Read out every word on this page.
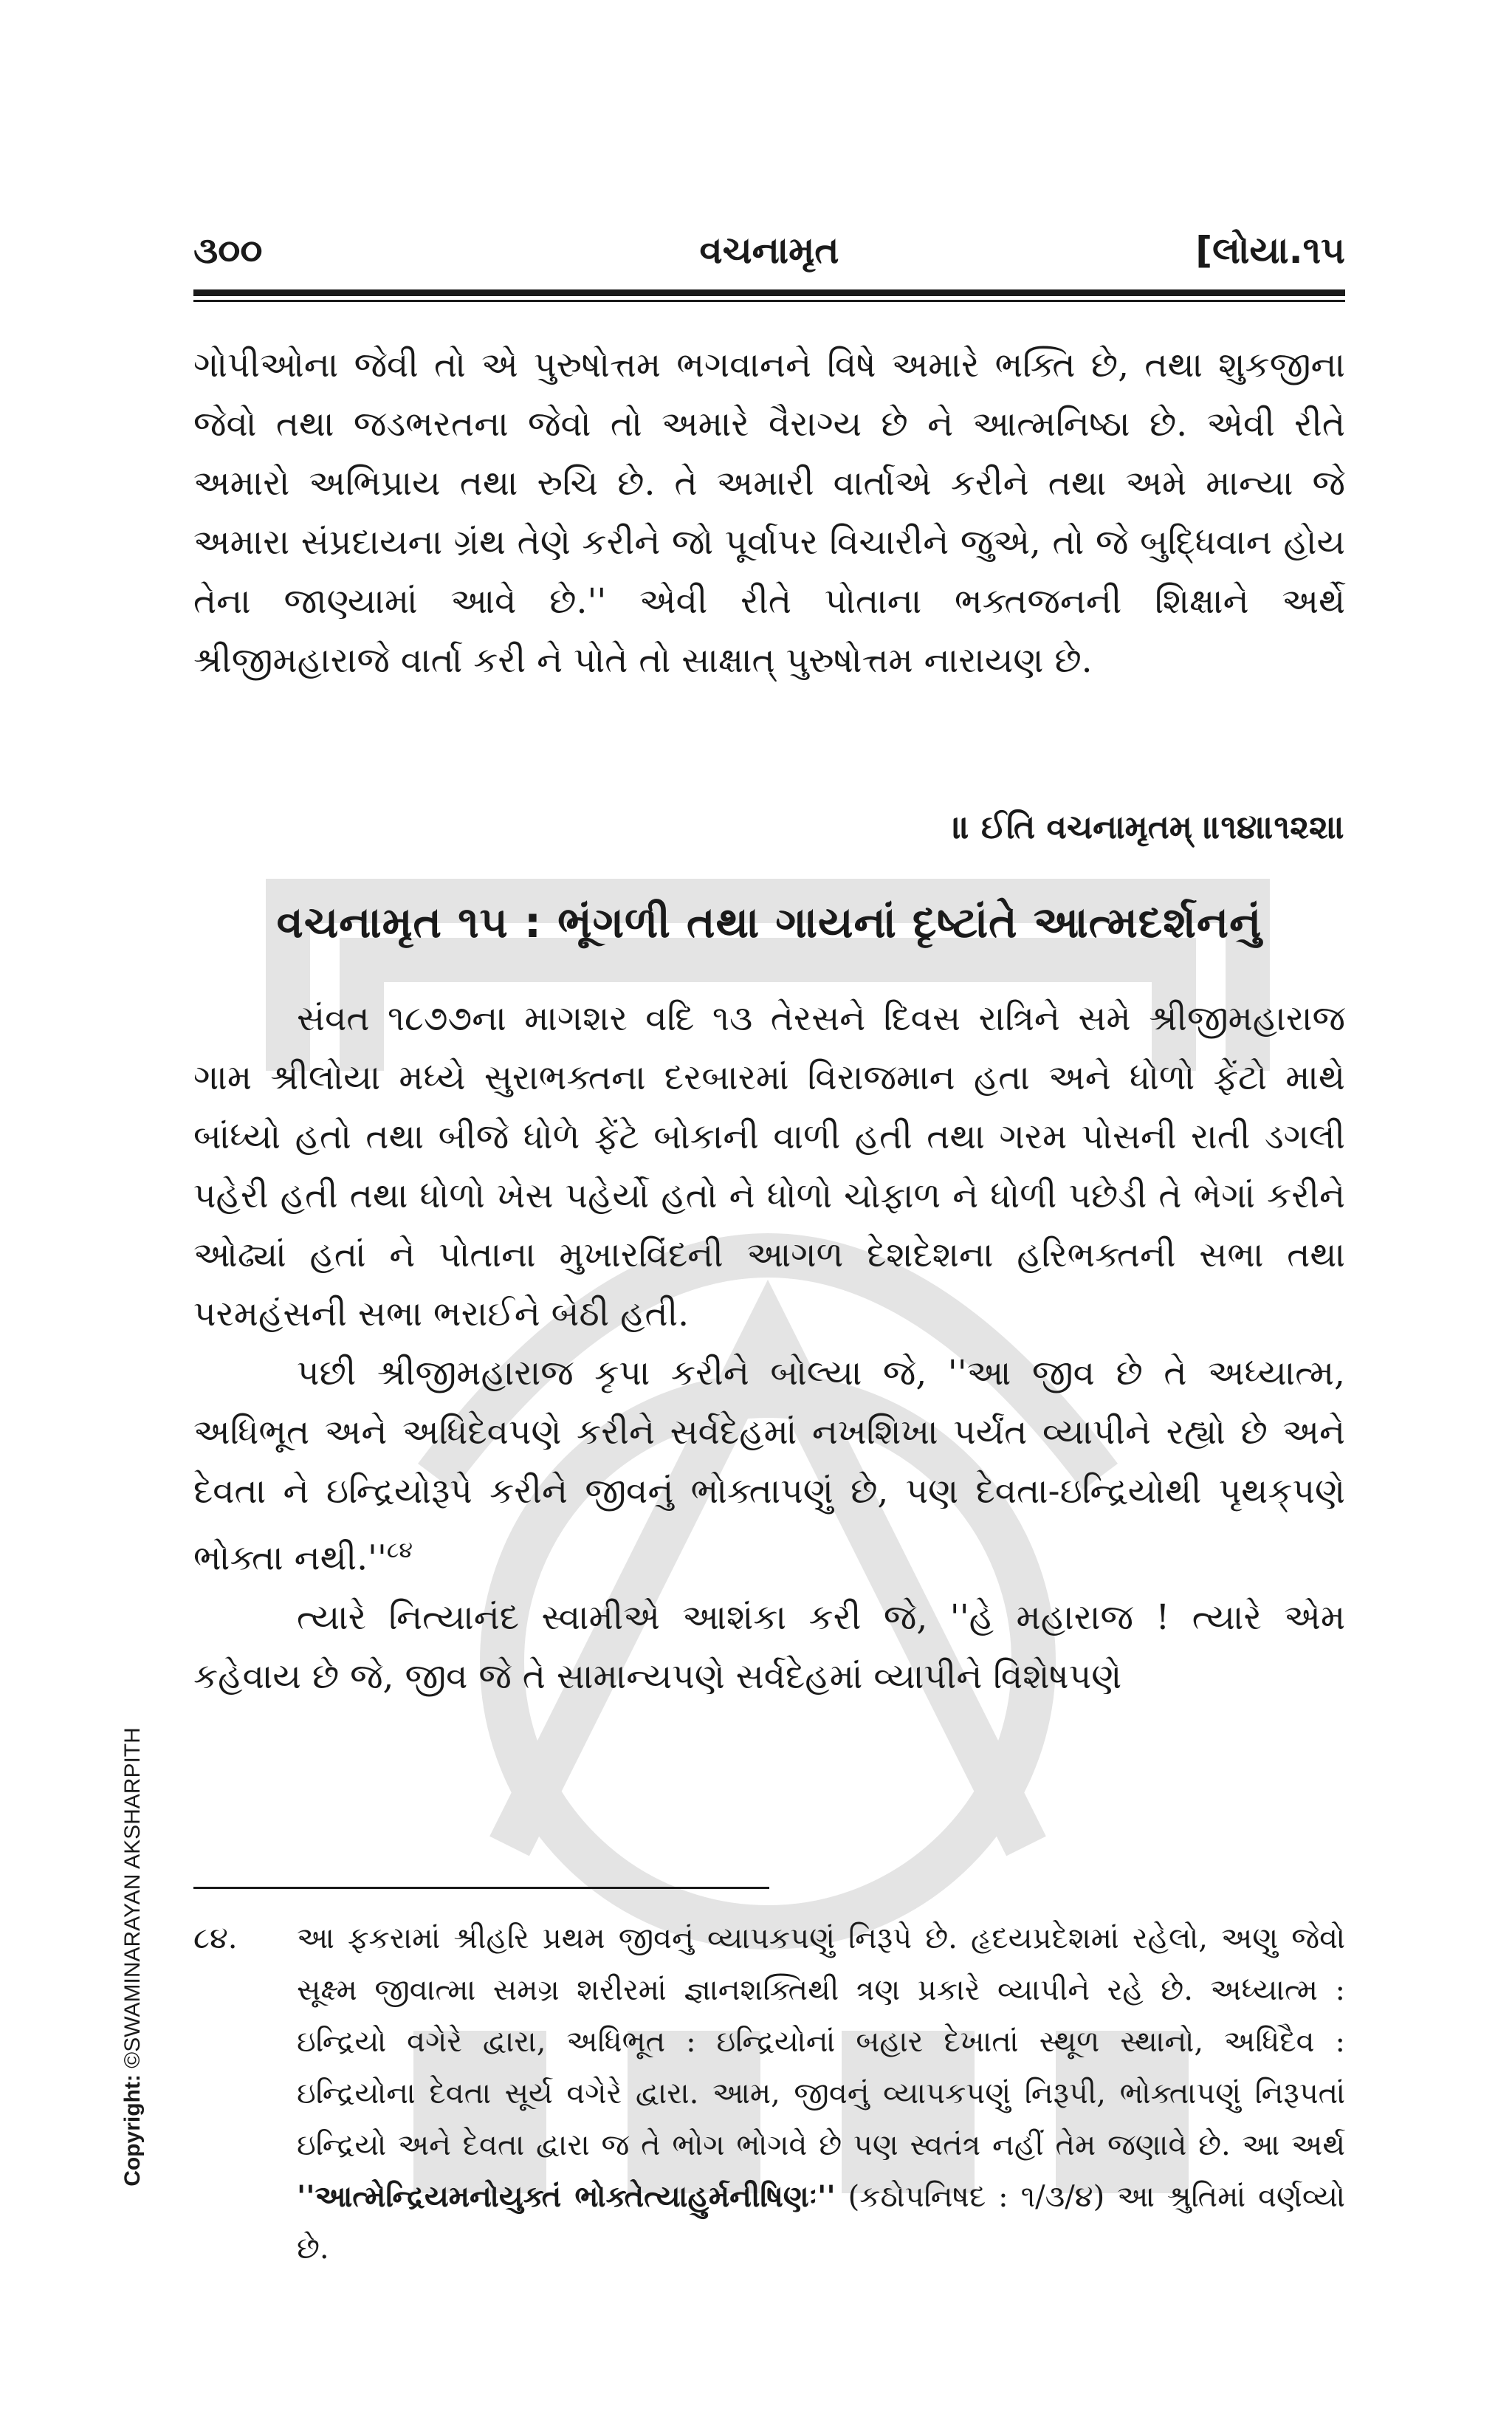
૩૦૦	વચનામૃત	[લોયા.૧૫
ગોપીઓના જેવી તો એ પુરુષોત્તમ ભગવાનને વિષે અમારે ભક્તિ છે, તથા શુકજીના જેવો તથા જડભરતના જેવો તો અમારે વૈરાગ્ય છે ને આત્મનિષ્ઠા છે. એવી રીતે અમારો અભિપ્રાય તથા રુચિ છે. તે અમારી વાર્તાએ કરીને તથા અમે માન્યા જે અમારા સંપ્રદાયના ગ્રંથ તેણે કરીને જો પૂર્વાપર વિચારીને જુએ, તો જે બુદ્ધિવાન હોય તેના જાણ્યામાં આવે છે.'' એવી રીતે પોતાના ભક્તજનની શિક્ષાને અર્થે શ્રીજીમહારાજે વાર્તા કરી ને પોતે તો સાક્ષાત્ પુરુષોત્તમ નારાયણ છે.
॥ ઈતિ વચનામૃતમ્ ॥૧૪॥૧૨૨॥
વચનામૃત ૧૫ : ભૂંગળી તથા ગાયનાં દૃષ્ટાંતે આત્મદર્શનનું
સંવત ૧૮૭૭ના માગશર વદિ ૧૩ તેરસને દિવસ રાત્રિને સમે શ્રીજીમહારાજ ગામ શ્રીલોયા મધ્યે સુરાભક્તના દરબારમાં વિરાજમાન હતા અને ધોળો ફેંટો માથે બાંધ્યો હતો તથા બીજે ધોળે ફેંટે બોકાની વાળી હતી તથા ગરમ પોસની રાતી ડગલી પહેરી હતી તથા ધોળો ખેસ પહેર્યો હતો ને ધોળો ચોફાળ ને ધોળી પછેડી તે ભેગાં કરીને ઓઢ્યાં હતાં ને પોતાના મુખારવિંદની આગળ દેશદેશના હરિભક્તની સભા તથા પરમહંસની સભા ભરાઈને બેઠી હતી.
પછી શ્રીજીમહારાજ કૃપા કરીને બોલ્યા જે, ''આ જીવ છે તે અધ્યાત્મ, અધિભૂત અને અધિદેવપણે કરીને સર્વદેહમાં નખશિખા પર્યંત વ્યાપીને રહ્યો છે અને દેવતા ને ઇન્દ્રિયોરૂપે કરીને જીવનું ભોક્તાપણું છે, પણ દેવતા-ઇન્દ્રિયોથી પૃથક્‌પણે ભોક્તા $નથી.''^{૮૪}$
ત્યારે નિત્યાનંદ સ્વામીએ આશંકા કરી જે, ''હે મહારાજ ! ત્યારે એમ કહેવાય છે જે, જીવ જે તે સામાન્યપણે સર્વદેહમાં વ્યાપીને વિશેષપણે
૮૪. આ ફકરામાં શ્રીહરિ પ્રથમ જીવનું વ્યાપકપણું નિરૂપે છે. હૃદયપ્રદેશમાં રહેલો, અણુ જેવો સૂક્ષ્મ જીવાત્મા સમગ્ર શરીરમાં જ્ઞાનશક્તિથી ત્રણ પ્રકારે વ્યાપીને રહે છે. અધ્યાત્મ : ઇન્દ્રિયો વગેરે દ્વારા, અધિભૂત : ઇન્દ્રિયોનાં બહાર દેખાતાં સ્થૂળ સ્થાનો, અધિદૈવ : ઇન્દ્રિયોના દેવતા સૂર્ય વગેરે દ્વારા. આમ, જીવનું વ્યાપકપણું નિરૂપી, ભોક્તાપણું નિરૂપતાં ઇન્દ્રિયો અને દેવતા દ્વારા જ તે ભોગ ભોગવે છે પણ સ્વતંત્ર નહીં તેમ જણાવે છે. આ અર્થ ''આત્મેન્દ્રિયમનોયુક્તં ભોક્તેત્યાહુર્મનીષિણઃ'' (કઠોપનિષદ : ૧/૩/૪) આ શ્રુતિમાં વર્ણવ્યો છે.
Copyright: ©SWAMINARAYAN AKSHARPITH
